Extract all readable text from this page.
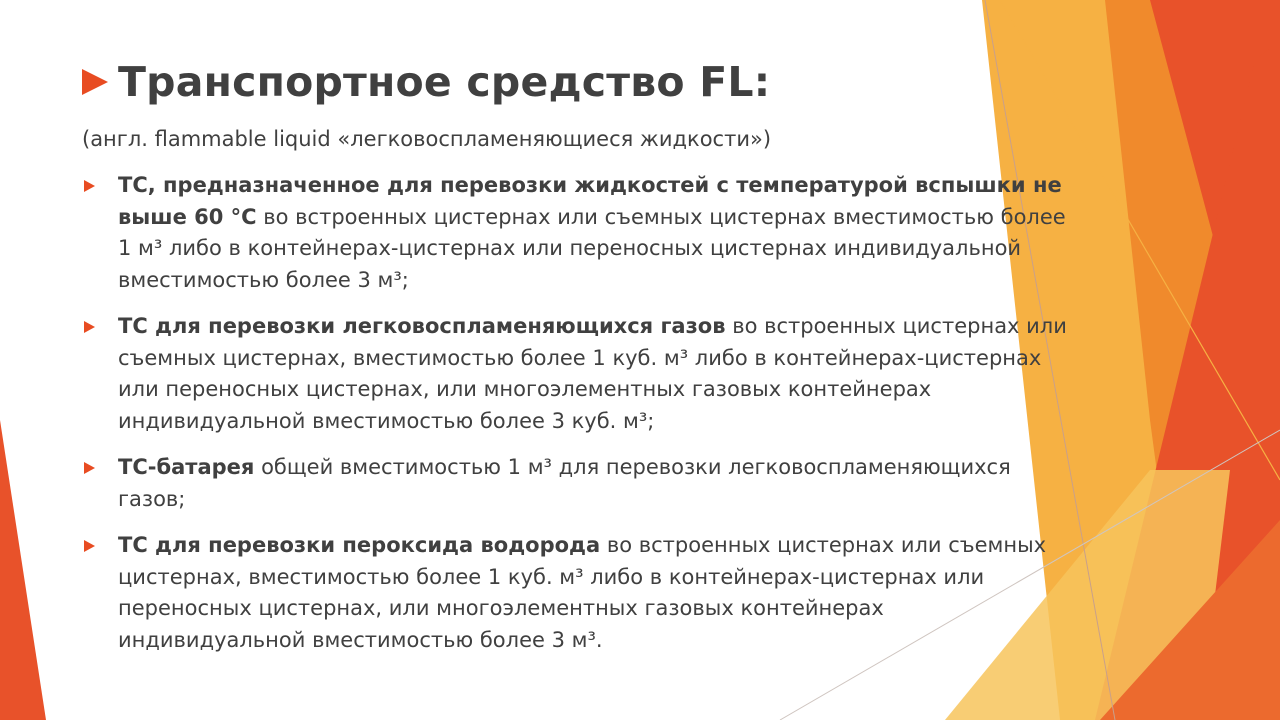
Транспортное средство FL:
(англ. flammable liquid «легковоспламеняющиеся жидкости»)
ТС, предназначенное для перевозки жидкостей с температурой вспышки не выше 60 °С во встроенных цистернах или съемных цистернах вместимостью более 1 м³ либо в контейнерах-цистернах или переносных цистернах индивидуальной вместимостью более 3 м³;
ТС для перевозки легковоспламеняющихся газов во встроенных цистернах или съемных цистернах, вместимостью более 1 куб. м³ либо в контейнерах-цистернах или переносных цистернах, или многоэлементных газовых контейнерах индивидуальной вместимостью более 3 куб. м³;
ТС-батарея общей вместимостью 1 м³ для перевозки легковоспламеняющихся газов;
ТС для перевозки пероксида водорода во встроенных цистернах или съемных цистернах, вместимостью более 1 куб. м³ либо в контейнерах-цистернах или переносных цистернах, или многоэлементных газовых контейнерах индивидуальной вместимостью более 3 м³.
